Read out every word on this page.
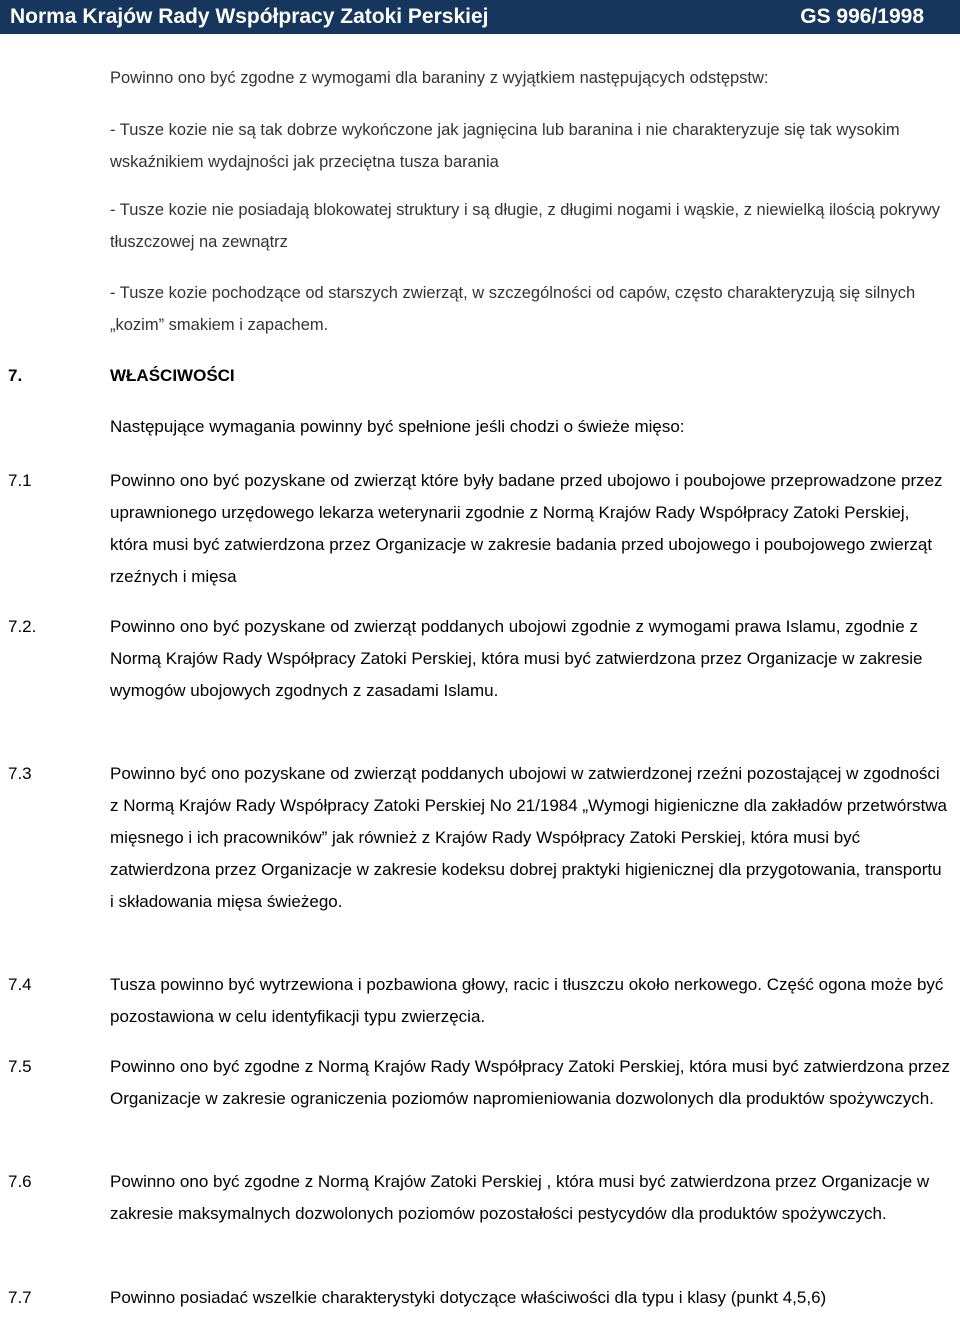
Norma Krajów Rady Współpracy Zatoki Perskiej	GS 996/1998
Powinno ono być zgodne z wymogami dla baraniny z wyjątkiem następujących odstępstw:
- Tusze kozie nie są tak dobrze wykończone jak jagnięcina lub baranina i nie charakteryzuje się tak wysokim wskaźnikiem wydajności jak przeciętna tusza barania
- Tusze kozie nie posiadają blokowatej struktury i są długie, z długimi nogami i wąskie, z niewielką ilością pokrywy tłuszczowej na zewnątrz
- Tusze kozie pochodzące od starszych zwierząt, w szczególności od capów, często charakteryzują się silnych „kozim” smakiem i zapachem.
7.	WŁAŚCIWOŚCI
Następujące wymagania powinny być spełnione jeśli chodzi o świeże mięso:
7.1	Powinno ono być pozyskane od zwierząt które były badane przed ubojowo i poubojowe przeprowadzone przez uprawnionego urzędowego lekarza weterynarii zgodnie z Normą Krajów Rady Współpracy Zatoki Perskiej, która musi być zatwierdzona przez Organizacje w zakresie badania przed ubojowego i poubojowego zwierząt rzeźnych i mięsa
7.2.	Powinno ono być pozyskane od zwierząt poddanych ubojowi zgodnie z wymogami prawa Islamu, zgodnie z Normą Krajów Rady Współpracy Zatoki Perskiej, która musi być zatwierdzona przez Organizacje w zakresie wymogów ubojowych zgodnych z zasadami Islamu.
7.3	Powinno być ono pozyskane od zwierząt poddanych ubojowi w zatwierdzonej rzeźni pozostającej w zgodności z Normą Krajów Rady Współpracy Zatoki Perskiej No 21/1984 „Wymogi higieniczne dla zakładów przetwórstwa mięsnego i ich pracowników” jak również z Krajów Rady Współpracy Zatoki Perskiej, która musi być zatwierdzona przez Organizacje w zakresie kodeksu dobrej praktyki higienicznej dla przygotowania, transportu i składowania mięsa świeżego.
7.4	Tusza powinno być wytrzewiona i pozbawiona głowy, racic i tłuszczu około nerkowego. Część ogona może być pozostawiona w celu identyfikacji typu zwierzęcia.
7.5	Powinno ono być zgodne z Normą Krajów Rady Współpracy Zatoki Perskiej, która musi być zatwierdzona przez Organizacje w zakresie ograniczenia poziomów napromieniowania dozwolonych dla produktów spożywczych.
7.6	Powinno ono być zgodne z Normą Krajów Zatoki Perskiej , która musi być zatwierdzona przez Organizacje w zakresie maksymalnych dozwolonych poziomów pozostałości pestycydów dla produktów spożywczych.
7.7	Powinno posiadać wszelkie charakterystyki dotyczące właściwości dla typu i klasy (punkt 4,5,6)
